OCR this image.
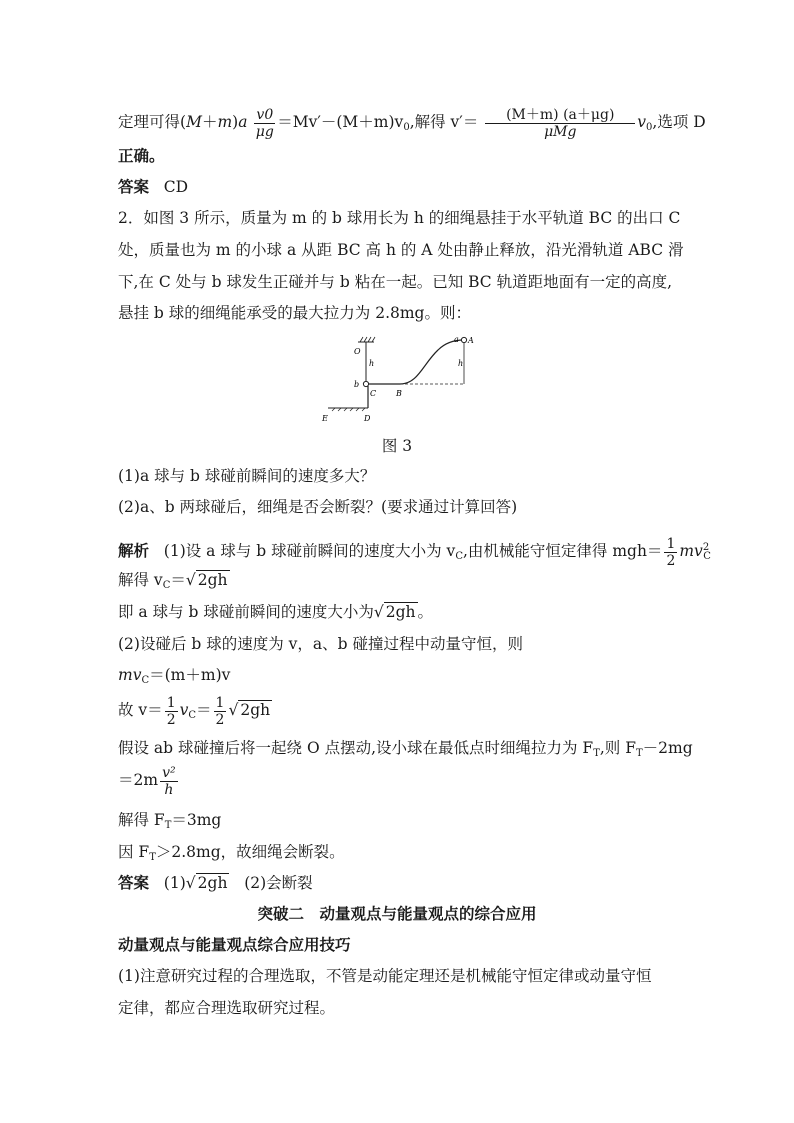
定理可得$(M+m)a \frac{v0}{\mu g} =Mv'-(M+m)v_0$,解得 $v'= \frac{(M+m) (a+\mu g)}{\text{μMg}} v_0$,选项 D
正确。
答案 CD
2．如图 3 所示，质量为 m 的 b 球用长为 h 的细绳悬挂于水平轨道 BC 的出口 C
处，质量也为 m 的小球 a 从距 BC 高 h 的 A 处由静止释放，沿光滑轨道 ABC 滑
下,在 C 处与 b 球发生正碰并与 b 粘在一起。已知 BC 轨道距地面有一定的高度,
悬挂 b 球的细绳能承受的最大拉力为 2.8mg。则：
O
h
b
C B
E	D
a A
h
图 3
(1)a 球与 b 球碰前瞬间的速度多大？
(2)a、b 两球碰后，细绳是否会断裂？(要求通过计算回答)
解析 (1)设 a 球与 b 球碰前瞬间的速度大小为 $v_C$,由机械能守恒定律得 $mgh= \frac{1}{2} mv^2_C$
解得 $v_C=√$ 2gh
即 a 球与 b 球碰前瞬间的速度大小为√ 2gh 。
(2)设碰后 b 球的速度为 v，a、b 碰撞过程中动量守恒，则
$mv_C=(m+m)v$
故 $v= \frac{1}{2} v_C= \frac{1}{2}$ √ 2gh
假设 ab 球碰撞后将一起绕 O 点摆动,设小球在最低点时细绳拉力为 $F_T$,则 $F_T-2mg$
$=2m \frac{\text{v²}}{h}$
解得 $F_T=3mg$
因 $F_T>2.8mg$，故细绳会断裂。
答案 (1)√ 2gh (2)会断裂
突破二　动量观点与能量观点的综合应用
动量观点与能量观点综合应用技巧
(1)注意研究过程的合理选取，不管是动能定理还是机械能守恒定律或动量守恒
定律，都应合理选取研究过程。
